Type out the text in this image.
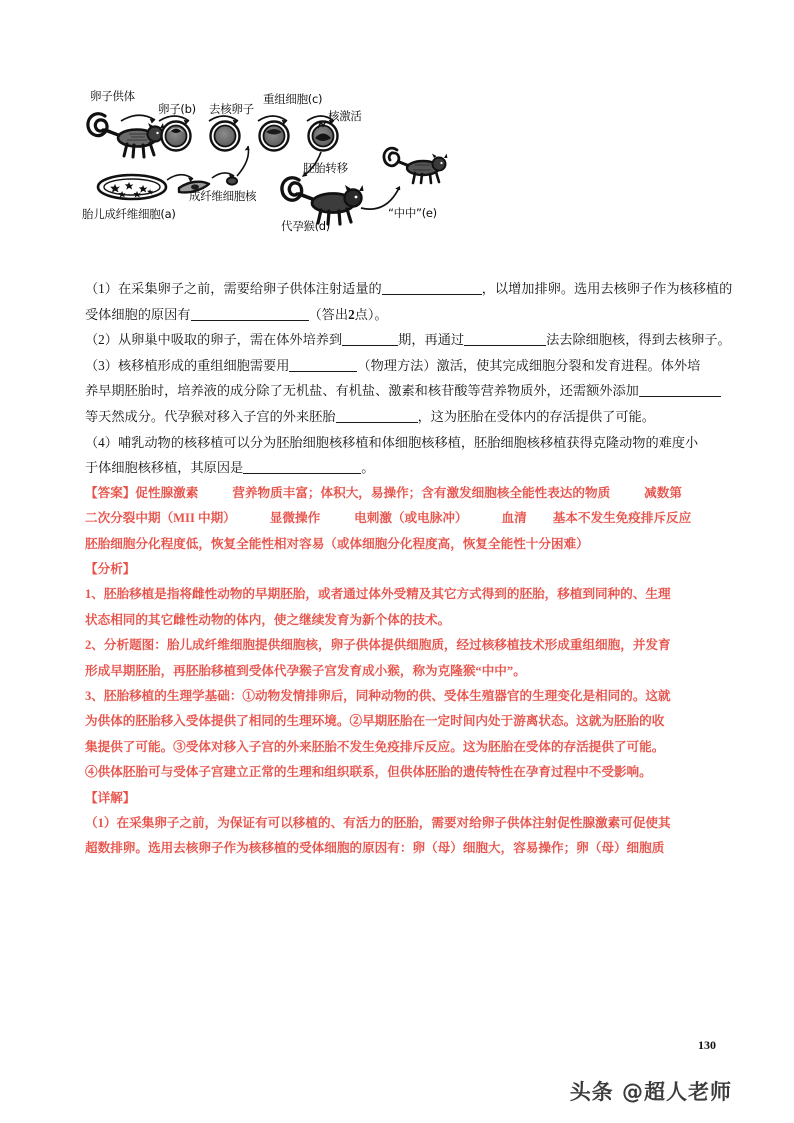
卵子供体
卵子(b) 去核卵子
重组细胞(c)
核激活
胚胎转移
成纤维细胞核
胎儿成纤维细胞(a)
代孕猴(d)
“中中”(e)

（1）在采集卵子之前，需要给卵子供体注射适量的	，以增加排卵。选用去核卵子作为核移植的

受体细胞的原因有	（答出2点）。

（2）从卵巢中吸取的卵子，需在体外培养到	期，再通过	法去除细胞核，得到去核卵子。

（3）核移植形成的重组细胞需要用	（物理方法）激活，使其完成细胞分裂和发育进程。体外培

养早期胚胎时，培养液的成分除了无机盐、有机盐、激素和核苷酸等营养物质外，还需额外添加

等天然成分。代孕猴对移入子宫的外来胚胎	，这为胚胎在受体内的存活提供了可能。

（4）哺乳动物的核移植可以分为胚胎细胞核移植和体细胞核移植，胚胎细胞核移植获得克隆动物的难度小

于体细胞核移植，其原因是	。

【答案】促性腺激素	营养物质丰富；体积大，易操作；含有激发细胞核全能性表达的物质	减数第

二次分裂中期（MII 中期）	显微操作	电刺激（或电脉冲）	血清 基本不发生免疫排斥反应

胚胎细胞分化程度低，恢复全能性相对容易（或体细胞分化程度高，恢复全能性十分困难）

【分析】

1、胚胎移植是指将雌性动物的早期胚胎，或者通过体外受精及其它方式得到的胚胎，移植到同种的、生理

状态相同的其它雌性动物的体内，使之继续发育为新个体的技术。

2、分析题图：胎儿成纤维细胞提供细胞核，卵子供体提供细胞质，经过核移植技术形成重组细胞，并发育

形成早期胚胎，再胚胎移植到受体代孕猴子宫发育成小猴，称为克隆猴“中中”。

3、胚胎移植的生理学基础：①动物发情排卵后，同种动物的供、受体生殖器官的生理变化是相同的。这就

为供体的胚胎移入受体提供了相同的生理环境。②早期胚胎在一定时间内处于游离状态。这就为胚胎的收

集提供了可能。③受体对移入子宫的外来胚胎不发生免疫排斥反应。这为胚胎在受体的存活提供了可能。

④供体胚胎可与受体子宫建立正常的生理和组织联系，但供体胚胎的遗传特性在孕育过程中不受影响。

【详解】

（1）在采集卵子之前，为保证有可以移植的、有活力的胚胎，需要对给卵子供体注射促性腺激素可促使其

超数排卵。选用去核卵子作为核移植的受体细胞的原因有：卵（母）细胞大，容易操作；卵（母）细胞质

130
头条 @超人老师
